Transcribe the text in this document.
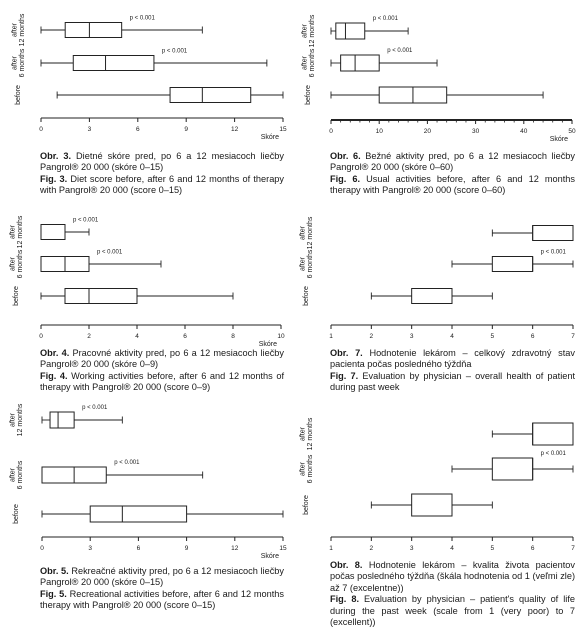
0	3	6	9	12	15
Skóre
p < 0.001
after 12 months
p < 0.001
after 6 months
before
0	10	20	30	40	50
Skóre
p < 0.001
after 12 months
p < 0.001
after 6 months
before
0	2	4	6	8	10
Skóre
p < 0.001
after 12 months
p < 0.001
after 6 months
before
1	2	3	4	5	6	7
after 12 months
p < 0.001
after 6 months
before
0	3	6	9	12	15
Skóre
p < 0.001
after 12 months
p < 0.001
after 6 months
before
1	2	3	4	5	6	7
after 12 months
p < 0.001
after 6 months
before
Obr. 3. Dietné skóre pred, po 6 a 12 mesiacoch liečby Pangrol® 20 000 (skóre 0–15)
Fig. 3. Diet score before, after 6 and 12 months of therapy with Pangrol® 20 000 (score 0–15)
Obr. 6. Bežné aktivity pred, po 6 a 12 mesiacoch liečby Pangrol® 20 000 (skóre 0–60)
Fig. 6. Usual activities before, after 6 and 12 months therapy with Pangrol® 20 000 (score 0–60)
Obr. 4. Pracovné aktivity pred, po 6 a 12 mesiacoch liečby Pangrol® 20 000 (skóre 0–9)
Fig. 4. Working activities before, after 6 and 12 months of therapy with Pangrol® 20 000 (score 0–9)
Obr. 7. Hodnotenie lekárom – celkový zdravotný stav pacienta počas posledného týždňa
Fig. 7. Evaluation by physician – overall health of patient during past week
Obr. 5. Rekreačné aktivity pred, po 6 a 12 mesiacoch liečby Pangrol® 20 000 (skóre 0–15)
Fig. 5. Recreational activities before, after 6 and 12 months therapy with Pangrol® 20 000 (score 0–15)
Obr. 8. Hodnotenie lekárom – kvalita života pacientov počas posledného týždňa (škála hodnotenia od 1 (veľmi zle) až 7 (excelentne))
Fig. 8. Evaluation by physician – patient's quality of life during the past week (scale from 1 (very poor) to 7 (excellent))
